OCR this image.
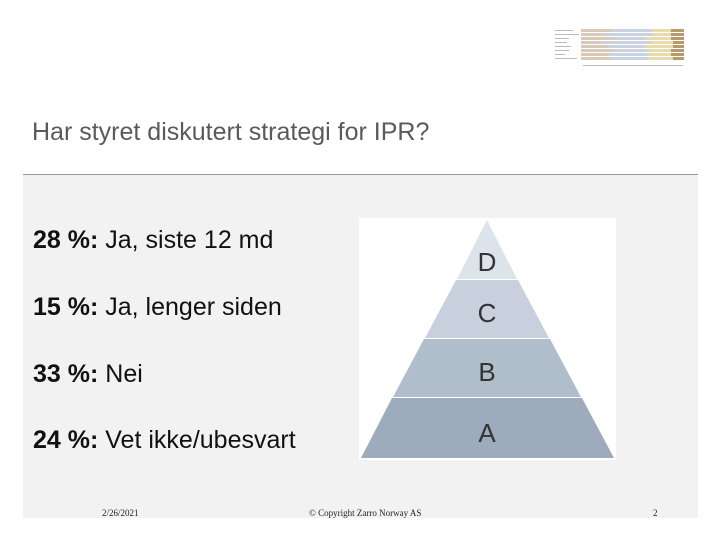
Har styret diskutert strategi for IPR?
28 %: Ja, siste 12 md
15 %: Ja, lenger siden
33 %: Nei
24 %: Vet ikke/ubesvart
D
C
B
A
2/26/2021	© Copyright Zarro Norway AS	2
